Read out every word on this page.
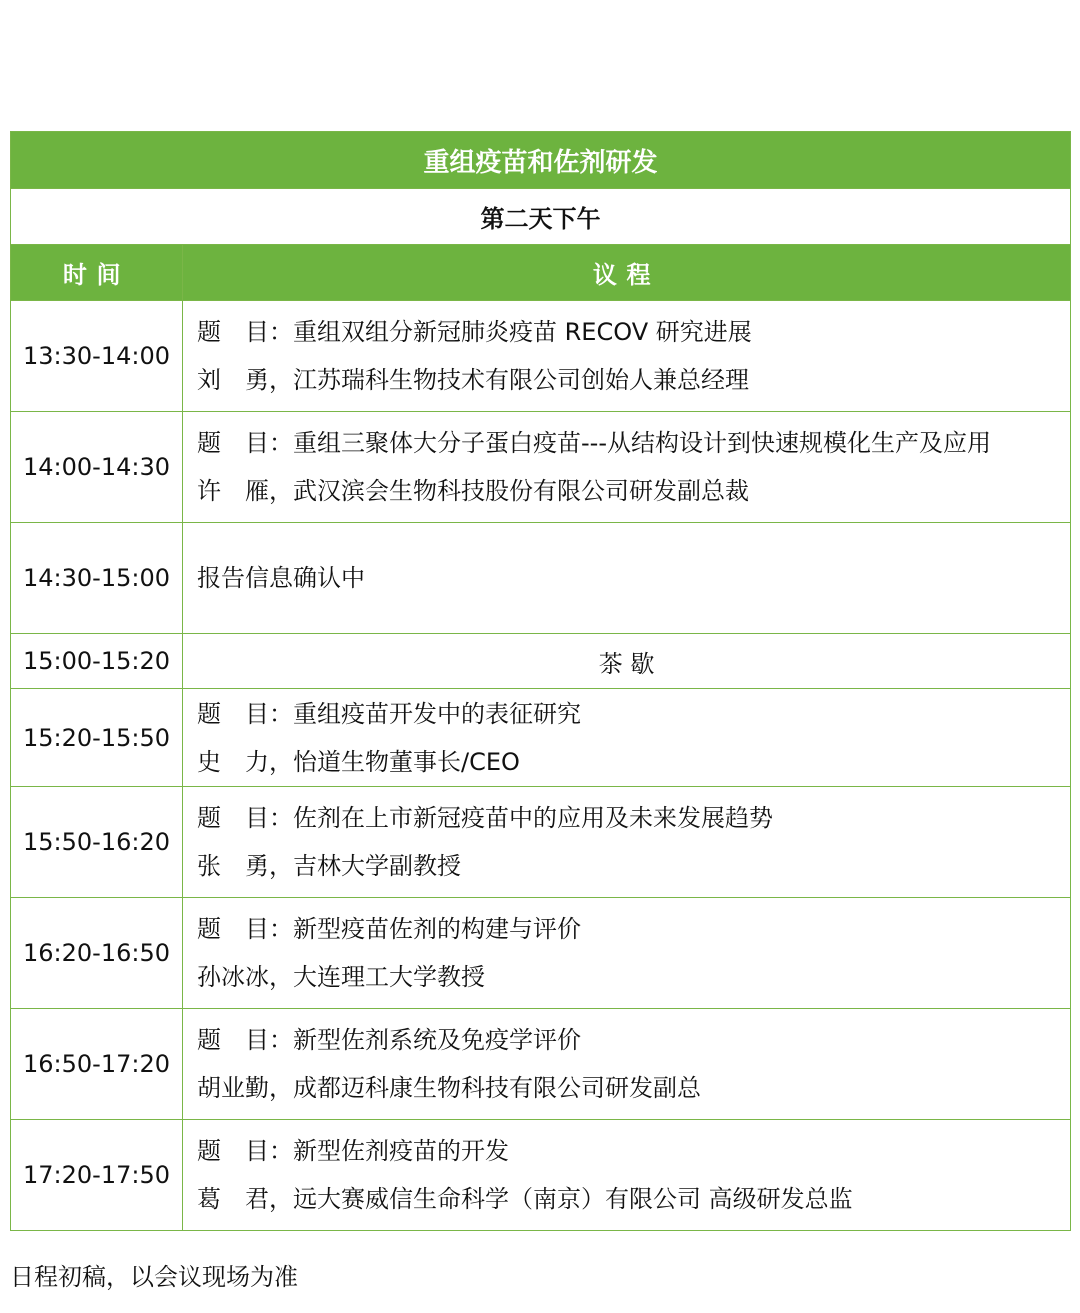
重组疫苗和佐剂研发	
第二天下午	
时间	议程
13:30-14:00	题　目：重组双组分新冠肺炎疫苗 RECOV 研究进展
刘　勇，江苏瑞科生物技术有限公司创始人兼总经理

14:00-14:30	题　目：重组三聚体大分子蛋白疫苗---从结构设计到快速规模化生产及应用
许　雁，武汉滨会生物科技股份有限公司研发副总裁

14:30-15:00	报告信息确认中

15:00-15:20	茶 歇
15:20-15:50	题　目：重组疫苗开发中的表征研究
史　力，怡道生物董事长/CEO

15:50-16:20	题　目：佐剂在上市新冠疫苗中的应用及未来发展趋势
张　勇，吉林大学副教授

16:20-16:50	题　目：新型疫苗佐剂的构建与评价
孙冰冰，大连理工大学教授

16:50-17:20	题　目：新型佐剂系统及免疫学评价
胡业勤，成都迈科康生物科技有限公司研发副总

17:20-17:50	题　目：新型佐剂疫苗的开发
葛　君，远大赛威信生命科学（南京）有限公司 高级研发总监
日程初稿，以会议现场为准
